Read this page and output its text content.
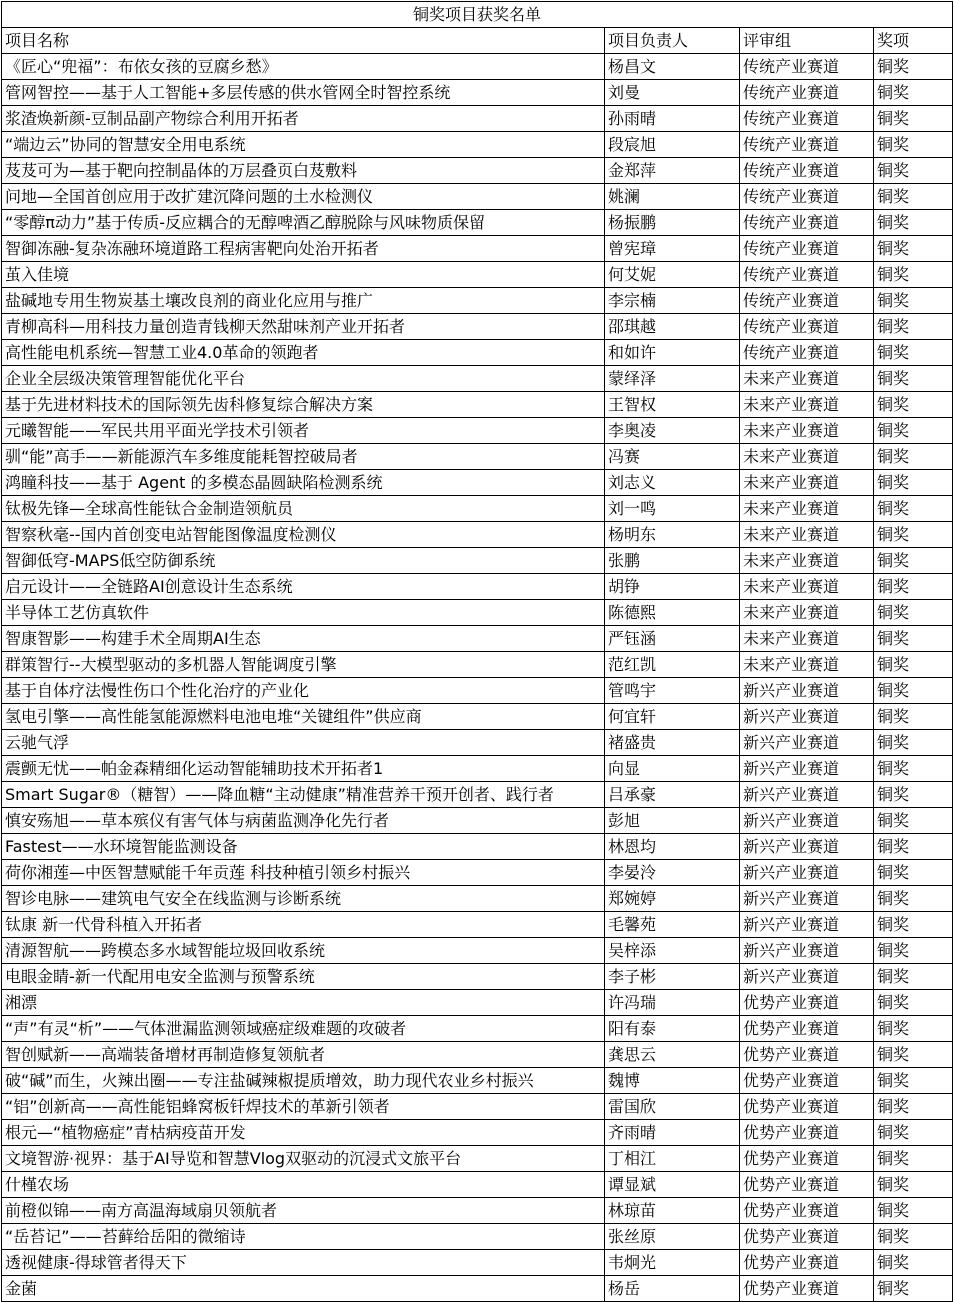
铜奖项目获奖名单			
项目名称	项目负责人	评审组	奖项
《匠心“兜福”：布依女孩的豆腐乡愁》	杨昌文	传统产业赛道	铜奖
管网智控——基于人工智能+多层传感的供水管网全时智控系统	刘曼	传统产业赛道	铜奖
浆渣焕新颜-豆制品副产物综合利用开拓者	孙雨晴	传统产业赛道	铜奖
“端边云”协同的智慧安全用电系统	段宸旭	传统产业赛道	铜奖
芨芨可为—基于靶向控制晶体的万层叠页白芨敷料	金郑萍	传统产业赛道	铜奖
问地—全国首创应用于改扩建沉降问题的土水检测仪	姚澜	传统产业赛道	铜奖
“零醇π动力”基于传质-反应耦合的无醇啤酒乙醇脱除与风味物质保留	杨振鹏	传统产业赛道	铜奖
智御冻融-复杂冻融环境道路工程病害靶向处治开拓者	曾宪璋	传统产业赛道	铜奖
茧入佳境	何艾妮	传统产业赛道	铜奖
盐碱地专用生物炭基土壤改良剂的商业化应用与推广	李宗楠	传统产业赛道	铜奖
青柳高科—用科技力量创造青钱柳天然甜味剂产业开拓者	邵琪越	传统产业赛道	铜奖
高性能电机系统—智慧工业4.0革命的领跑者	和如许	传统产业赛道	铜奖
企业全层级决策管理智能优化平台	蒙绎泽	未来产业赛道	铜奖
基于先进材料技术的国际领先齿科修复综合解决方案	王智权	未来产业赛道	铜奖
元曦智能——军民共用平面光学技术引领者	李奥凌	未来产业赛道	铜奖
驯“能”高手——新能源汽车多维度能耗智控破局者	冯赛	未来产业赛道	铜奖
鸿瞳科技——基于 Agent 的多模态晶圆缺陷检测系统	刘志义	未来产业赛道	铜奖
钛极先锋—全球高性能钛合金制造领航员	刘一鸣	未来产业赛道	铜奖
智察秋毫--国内首创变电站智能图像温度检测仪	杨明东	未来产业赛道	铜奖
智御低穹-MAPS低空防御系统	张鹏	未来产业赛道	铜奖
启元设计——全链路AI创意设计生态系统	胡铮	未来产业赛道	铜奖
半导体工艺仿真软件	陈德熙	未来产业赛道	铜奖
智康智影——构建手术全周期AI生态	严钰涵	未来产业赛道	铜奖
群策智行--大模型驱动的多机器人智能调度引擎	范红凯	未来产业赛道	铜奖
基于自体疗法慢性伤口个性化治疗的产业化	管鸣宇	新兴产业赛道	铜奖
氢电引擎——高性能氢能源燃料电池电堆“关键组件”供应商	何宜轩	新兴产业赛道	铜奖
云驰气浮	褚盛贵	新兴产业赛道	铜奖
震颤无忧——帕金森精细化运动智能辅助技术开拓者1	向显	新兴产业赛道	铜奖
Smart Sugar®（糖智）——降血糖“主动健康”精准营养干预开创者、践行者	吕承豪	新兴产业赛道	铜奖
慎安殇旭——草本殡仪有害气体与病菌监测净化先行者	彭旭	新兴产业赛道	铜奖
Fastest——水环境智能监测设备	林恩均	新兴产业赛道	铜奖
荷你湘莲—中医智慧赋能千年贡莲 科技种植引领乡村振兴	李晏泠	新兴产业赛道	铜奖
智诊电脉——建筑电气安全在线监测与诊断系统	郑婉婷	新兴产业赛道	铜奖
钛康 新一代骨科植入开拓者	毛馨苑	新兴产业赛道	铜奖
清源智航——跨模态多水域智能垃圾回收系统	吴梓添	新兴产业赛道	铜奖
电眼金睛-新一代配用电安全监测与预警系统	李子彬	新兴产业赛道	铜奖
湘漂	许冯瑞	优势产业赛道	铜奖
“声”有灵“析”——气体泄漏监测领域癌症级难题的攻破者	阳有泰	优势产业赛道	铜奖
智创赋新——高端装备增材再制造修复领航者	龚思云	优势产业赛道	铜奖
破“碱”而生，火辣出圈——专注盐碱辣椒提质增效，助力现代农业乡村振兴	魏博	优势产业赛道	铜奖
“铝”创新高——高性能铝蜂窝板钎焊技术的革新引领者	雷国欣	优势产业赛道	铜奖
根元—“植物癌症”青枯病疫苗开发	齐雨晴	优势产业赛道	铜奖
文境智游·视界：基于AI导览和智慧Vlog双驱动的沉浸式文旅平台	丁相江	优势产业赛道	铜奖
什槿农场	谭显斌	优势产业赛道	铜奖
前橙似锦——南方高温海域扇贝领航者	林琼苗	优势产业赛道	铜奖
“岳苔记”——苔藓给岳阳的微缩诗	张丝原	优势产业赛道	铜奖
透视健康-得球管者得天下	韦炯光	优势产业赛道	铜奖
金菌	杨岳	优势产业赛道	铜奖
